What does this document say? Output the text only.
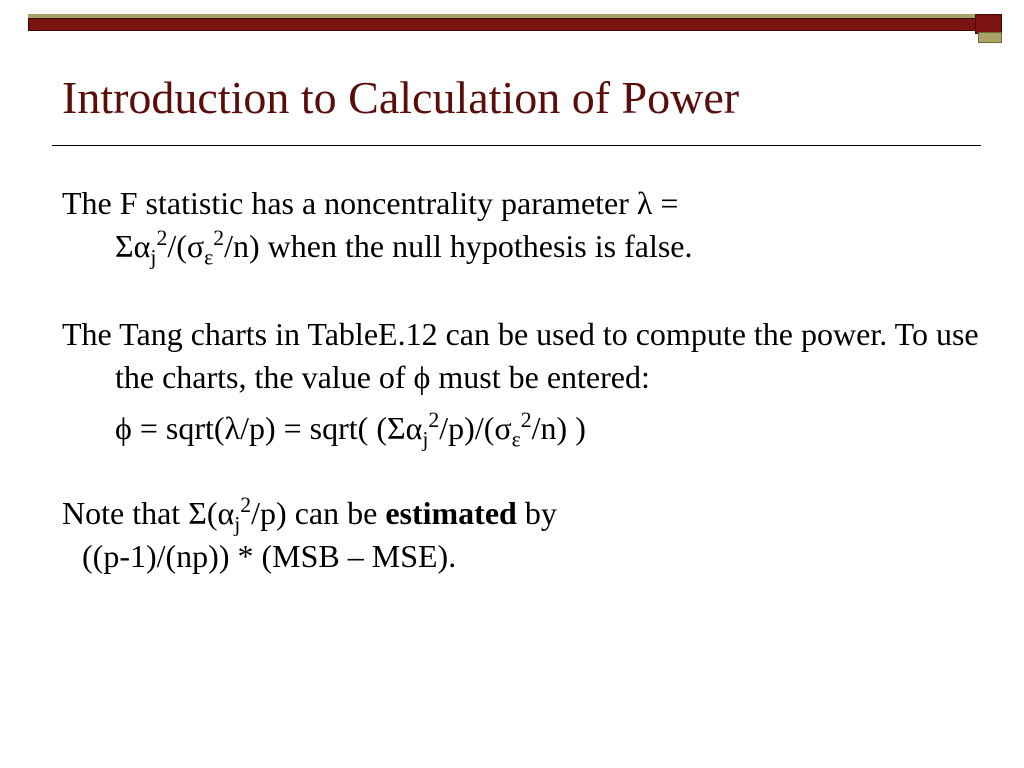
Introduction to Calculation of Power

The F statistic has a noncentrality parameter λ =
$\Sigma\alpha_j^2/(\sigma_\varepsilon^2/n)$ when the null hypothesis is false.

The Tang charts in TableE.12 can be used to compute the power. To use the charts, the value of ϕ must be entered:

ϕ = sqrt(λ/p) = sqrt( $(\Sigma\alpha_j^2/p)/(\sigma_\varepsilon^2/n)$ )
Note that $\Sigma(\alpha_j^2/p)$ can be estimated by
((p-1)/(np)) * (MSB – MSE).
